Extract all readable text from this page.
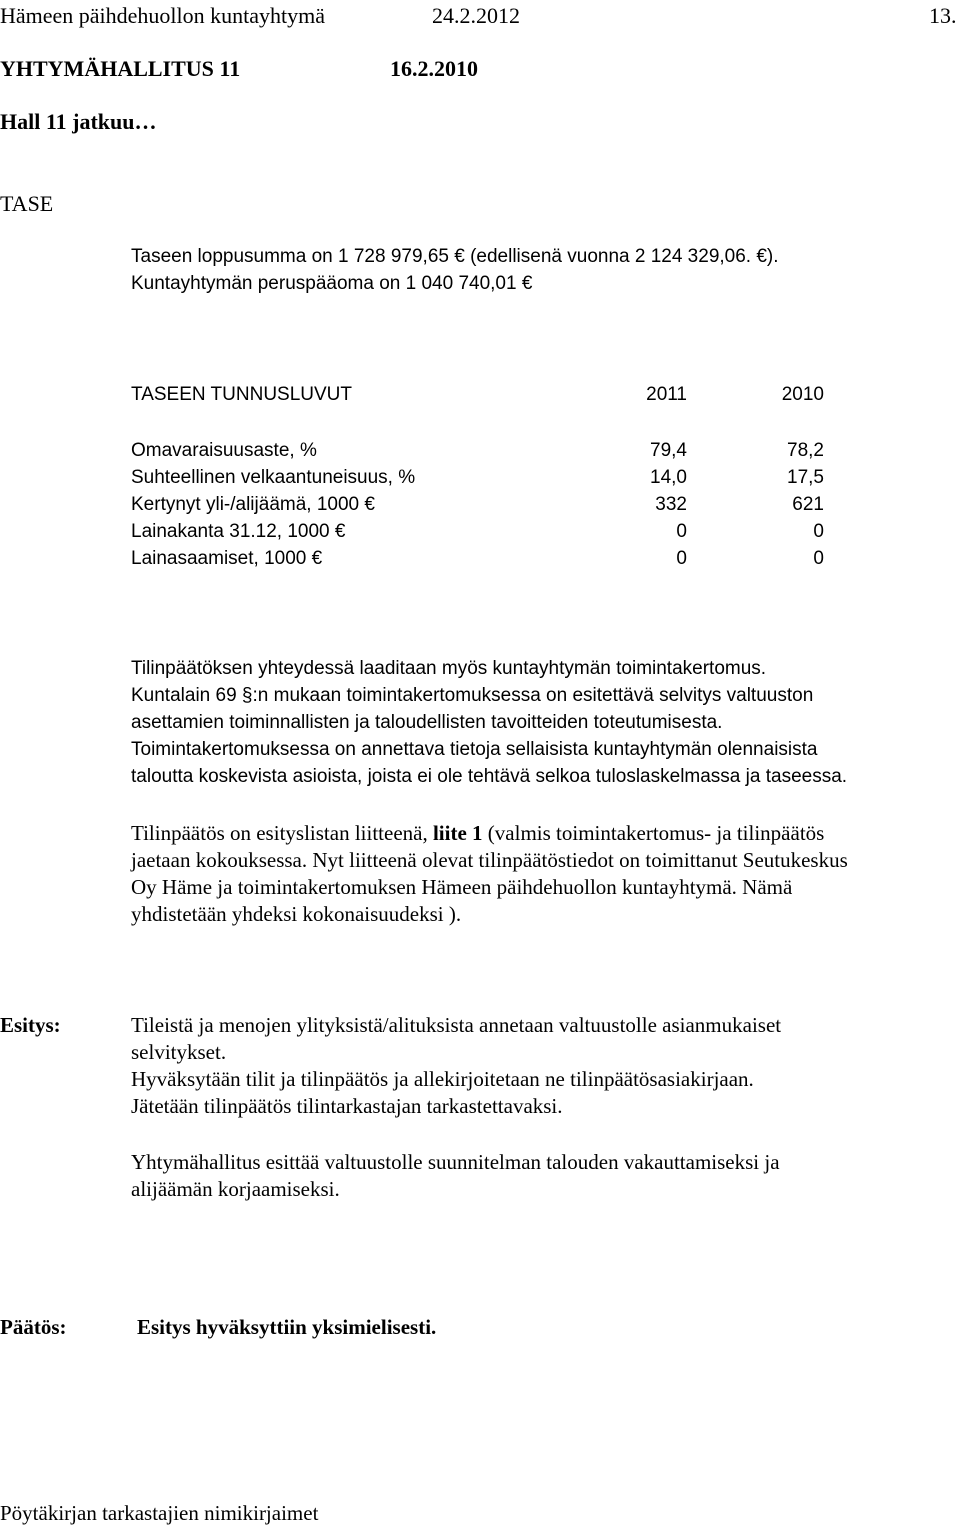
Hämeen päihdehuollon kuntayhtymä	24.2.2012	13.
YHTYMÄHALLITUS 11	16.2.2010
Hall 11 jatkuu…
TASE
Taseen loppusumma on 1 728 979,65 € (edellisenä vuonna 2 124 329,06. €).
Kuntayhtymän peruspääoma on 1 040 740,01 €
TASEEN TUNNUSLUVUT	2011	2010
Omavaraisuusaste, %	79,4	78,2
Suhteellinen velkaantuneisuus, %	14,0	17,5
Kertynyt yli-/alijäämä, 1000 €	332	621
Lainakanta 31.12, 1000 €	0	0
Lainasaamiset, 1000 €	0	0
Tilinpäätöksen yhteydessä laaditaan myös kuntayhtymän toimintakertomus.
Kuntalain 69 §:n mukaan toimintakertomuksessa on esitettävä selvitys valtuuston
asettamien toiminnallisten ja taloudellisten tavoitteiden toteutumisesta.
Toimintakertomuksessa on annettava tietoja sellaisista kuntayhtymän olennaisista
taloutta koskevista asioista, joista ei ole tehtävä selkoa tuloslaskelmassa ja taseessa.
Tilinpäätös on esityslistan liitteenä, liite 1 (valmis toimintakertomus- ja tilinpäätös
jaetaan kokouksessa. Nyt liitteenä olevat tilinpäätöstiedot on toimittanut Seutukeskus
Oy Häme ja toimintakertomuksen Hämeen päihdehuollon kuntayhtymä. Nämä
yhdistetään yhdeksi kokonaisuudeksi ).
Esitys:	Tileistä ja menojen ylityksistä/alituksista annetaan valtuustolle asianmukaiset
selvitykset.
Hyväksytään tilit ja tilinpäätös ja allekirjoitetaan ne tilinpäätösasiakirjaan.
Jätetään tilinpäätös tilintarkastajan tarkastettavaksi.
Yhtymähallitus esittää valtuustolle suunnitelman talouden vakauttamiseksi ja
alijäämän korjaamiseksi.
Päätös:	Esitys hyväksyttiin yksimielisesti.
Pöytäkirjan tarkastajien nimikirjaimet
